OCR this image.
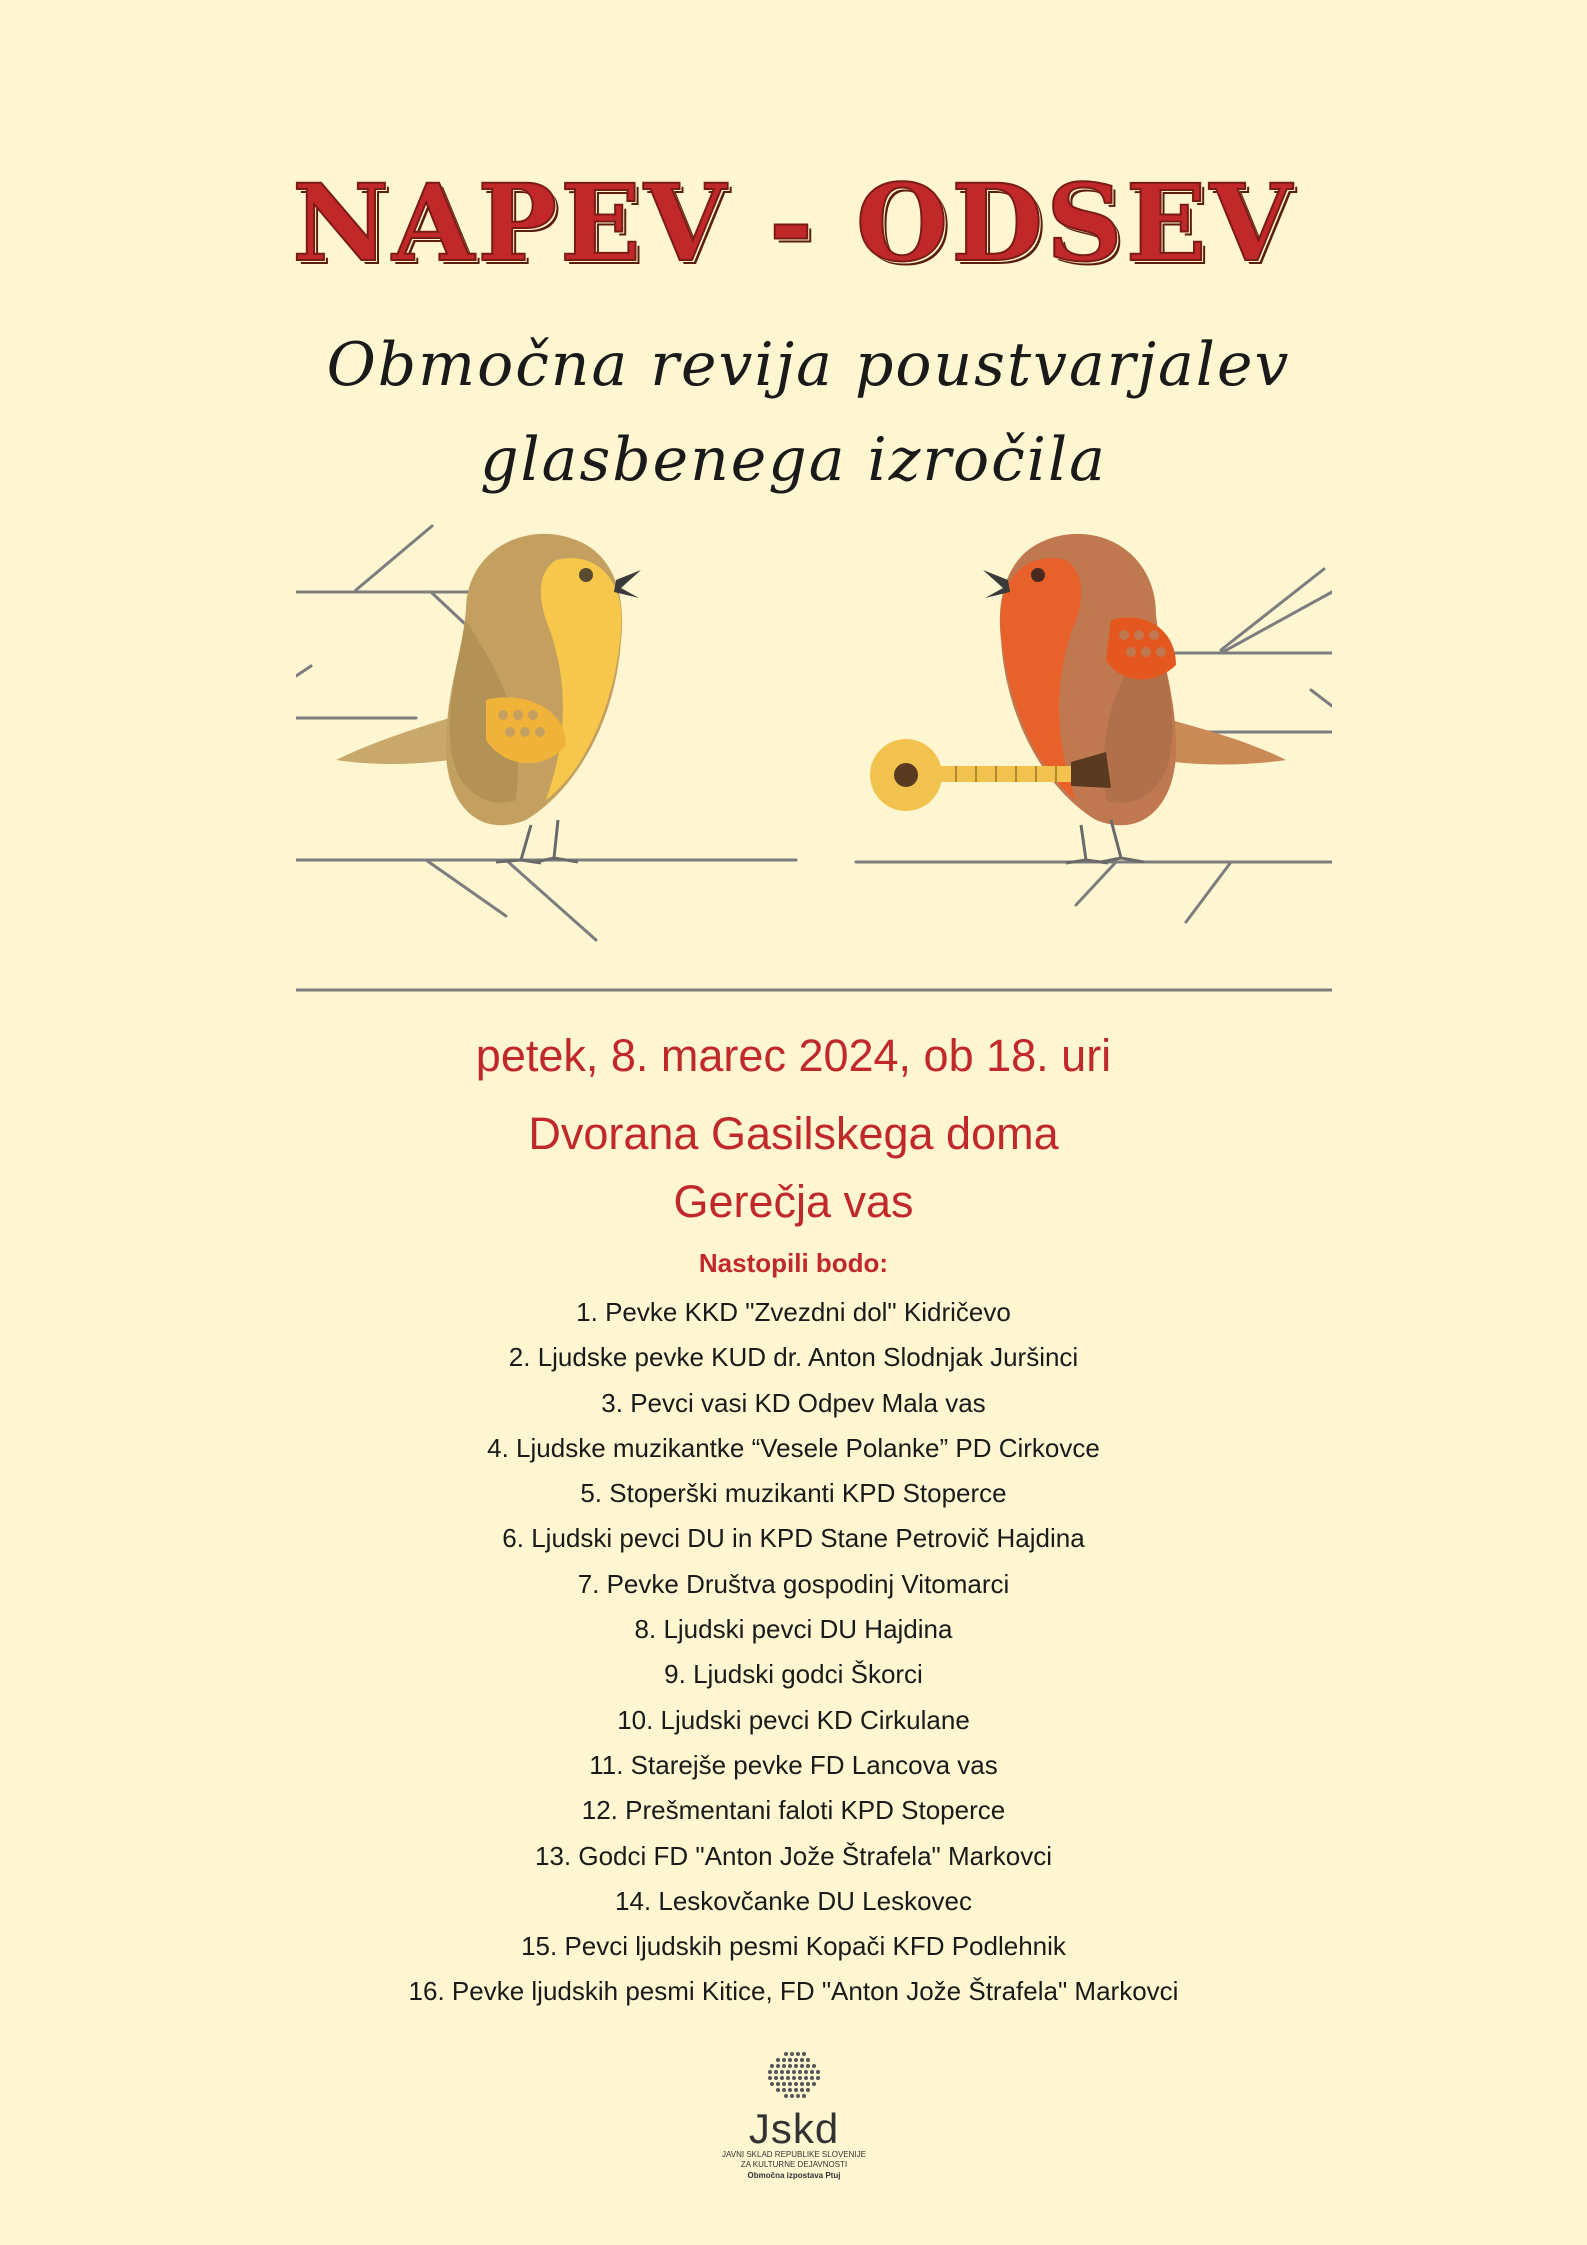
NAPEV - ODSEV
Območna revija poustvarjalev
glasbenega izročila
petek, 8. marec 2024, ob 18. uri
Dvorana Gasilskega doma
Gerečja vas
Nastopili bodo:
1. Pevke KKD "Zvezdni dol" Kidričevo
2. Ljudske pevke KUD dr. Anton Slodnjak Juršinci
3. Pevci vasi KD Odpev Mala vas
4. Ljudske muzikantke “Vesele Polanke” PD Cirkovce
5. Stoperški muzikanti KPD Stoperce
6. Ljudski pevci DU in KPD Stane Petrovič Hajdina
7. Pevke Društva gospodinj Vitomarci
8. Ljudski pevci DU Hajdina
9. Ljudski godci Škorci
10. Ljudski pevci KD Cirkulane
11. Starejše pevke FD Lancova vas
12. Prešmentani faloti KPD Stoperce
13. Godci FD "Anton Jože Štrafela" Markovci
14. Leskovčanke DU Leskovec
15. Pevci ljudskih pesmi Kopači KFD Podlehnik
16. Pevke ljudskih pesmi Kitice, FD "Anton Jože Štrafela" Markovci
Jskd
JAVNI SKLAD REPUBLIKE SLOVENIJE
ZA KULTURNE DEJAVNOSTI
Območna izpostava Ptuj
